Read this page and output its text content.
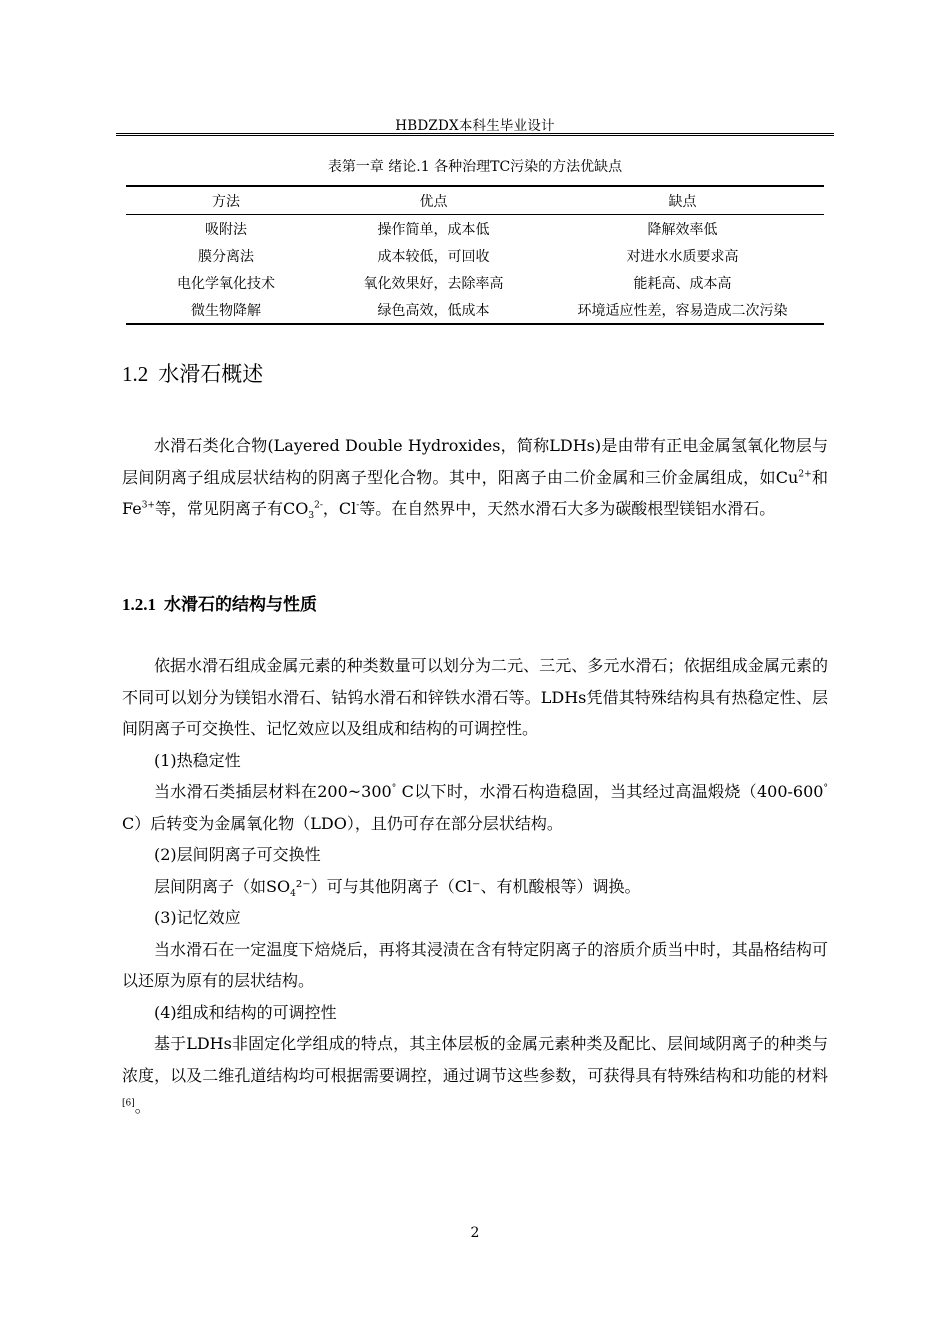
HBDZDX本科生毕业设计
表第一章 绪论.1 各种治理TC污染的方法优缺点
方法	优点	缺点
吸附法	操作简单，成本低	降解效率低
膜分离法	成本较低，可回收	对进水水质要求高
电化学氧化技术	氧化效果好，去除率高	能耗高、成本高
微生物降解	绿色高效，低成本	环境适应性差，容易造成二次污染
1.2 水滑石概述

水滑石类化合物(Layered Double Hydroxides，简称LDHs)是由带有正电金属氢氧化物层与层间阴离子组成层状结构的阴离子型化合物。其中，阳离子由二价金属和三价金属组成，如$Cu^{2+}$和$Fe^{3+}$等，常见阴离子有$CO_3^{2-}$，Cl-等。在自然界中，天然水滑石大多为碳酸根型镁铝水滑石。

1.2.1 水滑石的结构与性质

依据水滑石组成金属元素的种类数量可以划分为二元、三元、多元水滑石；依据组成金属元素的不同可以划分为镁铝水滑石、钴钨水滑石和锌铁水滑石等。LDHs凭借其特殊结构具有热稳定性、层间阴离子可交换性、记忆效应以及组成和结构的可调控性。

(1)热稳定性

当水滑石类插层材料在200~300° C以下时，水滑石构造稳固，当其经过高温煅烧（400-600° C）后转变为金属氧化物（LDO），且仍可存在部分层状结构。

(2)层间阴离子可交换性

层间阴离子（如$SO_4^{2-}$）可与其他阴离子（Cl⁻、有机酸根等）调换。

(3)记忆效应

当水滑石在一定温度下焙烧后，再将其浸渍在含有特定阴离子的溶质介质当中时，其晶格结构可以还原为原有的层状结构。

(4)组成和结构的可调控性

基于LDHs非固定化学组成的特点，其主体层板的金属元素种类及配比、层间域阴离子的种类与浓度，以及二维孔道结构均可根据需要调控，通过调节这些参数，可获得具有特殊结构和功能的材料[6]。

2
